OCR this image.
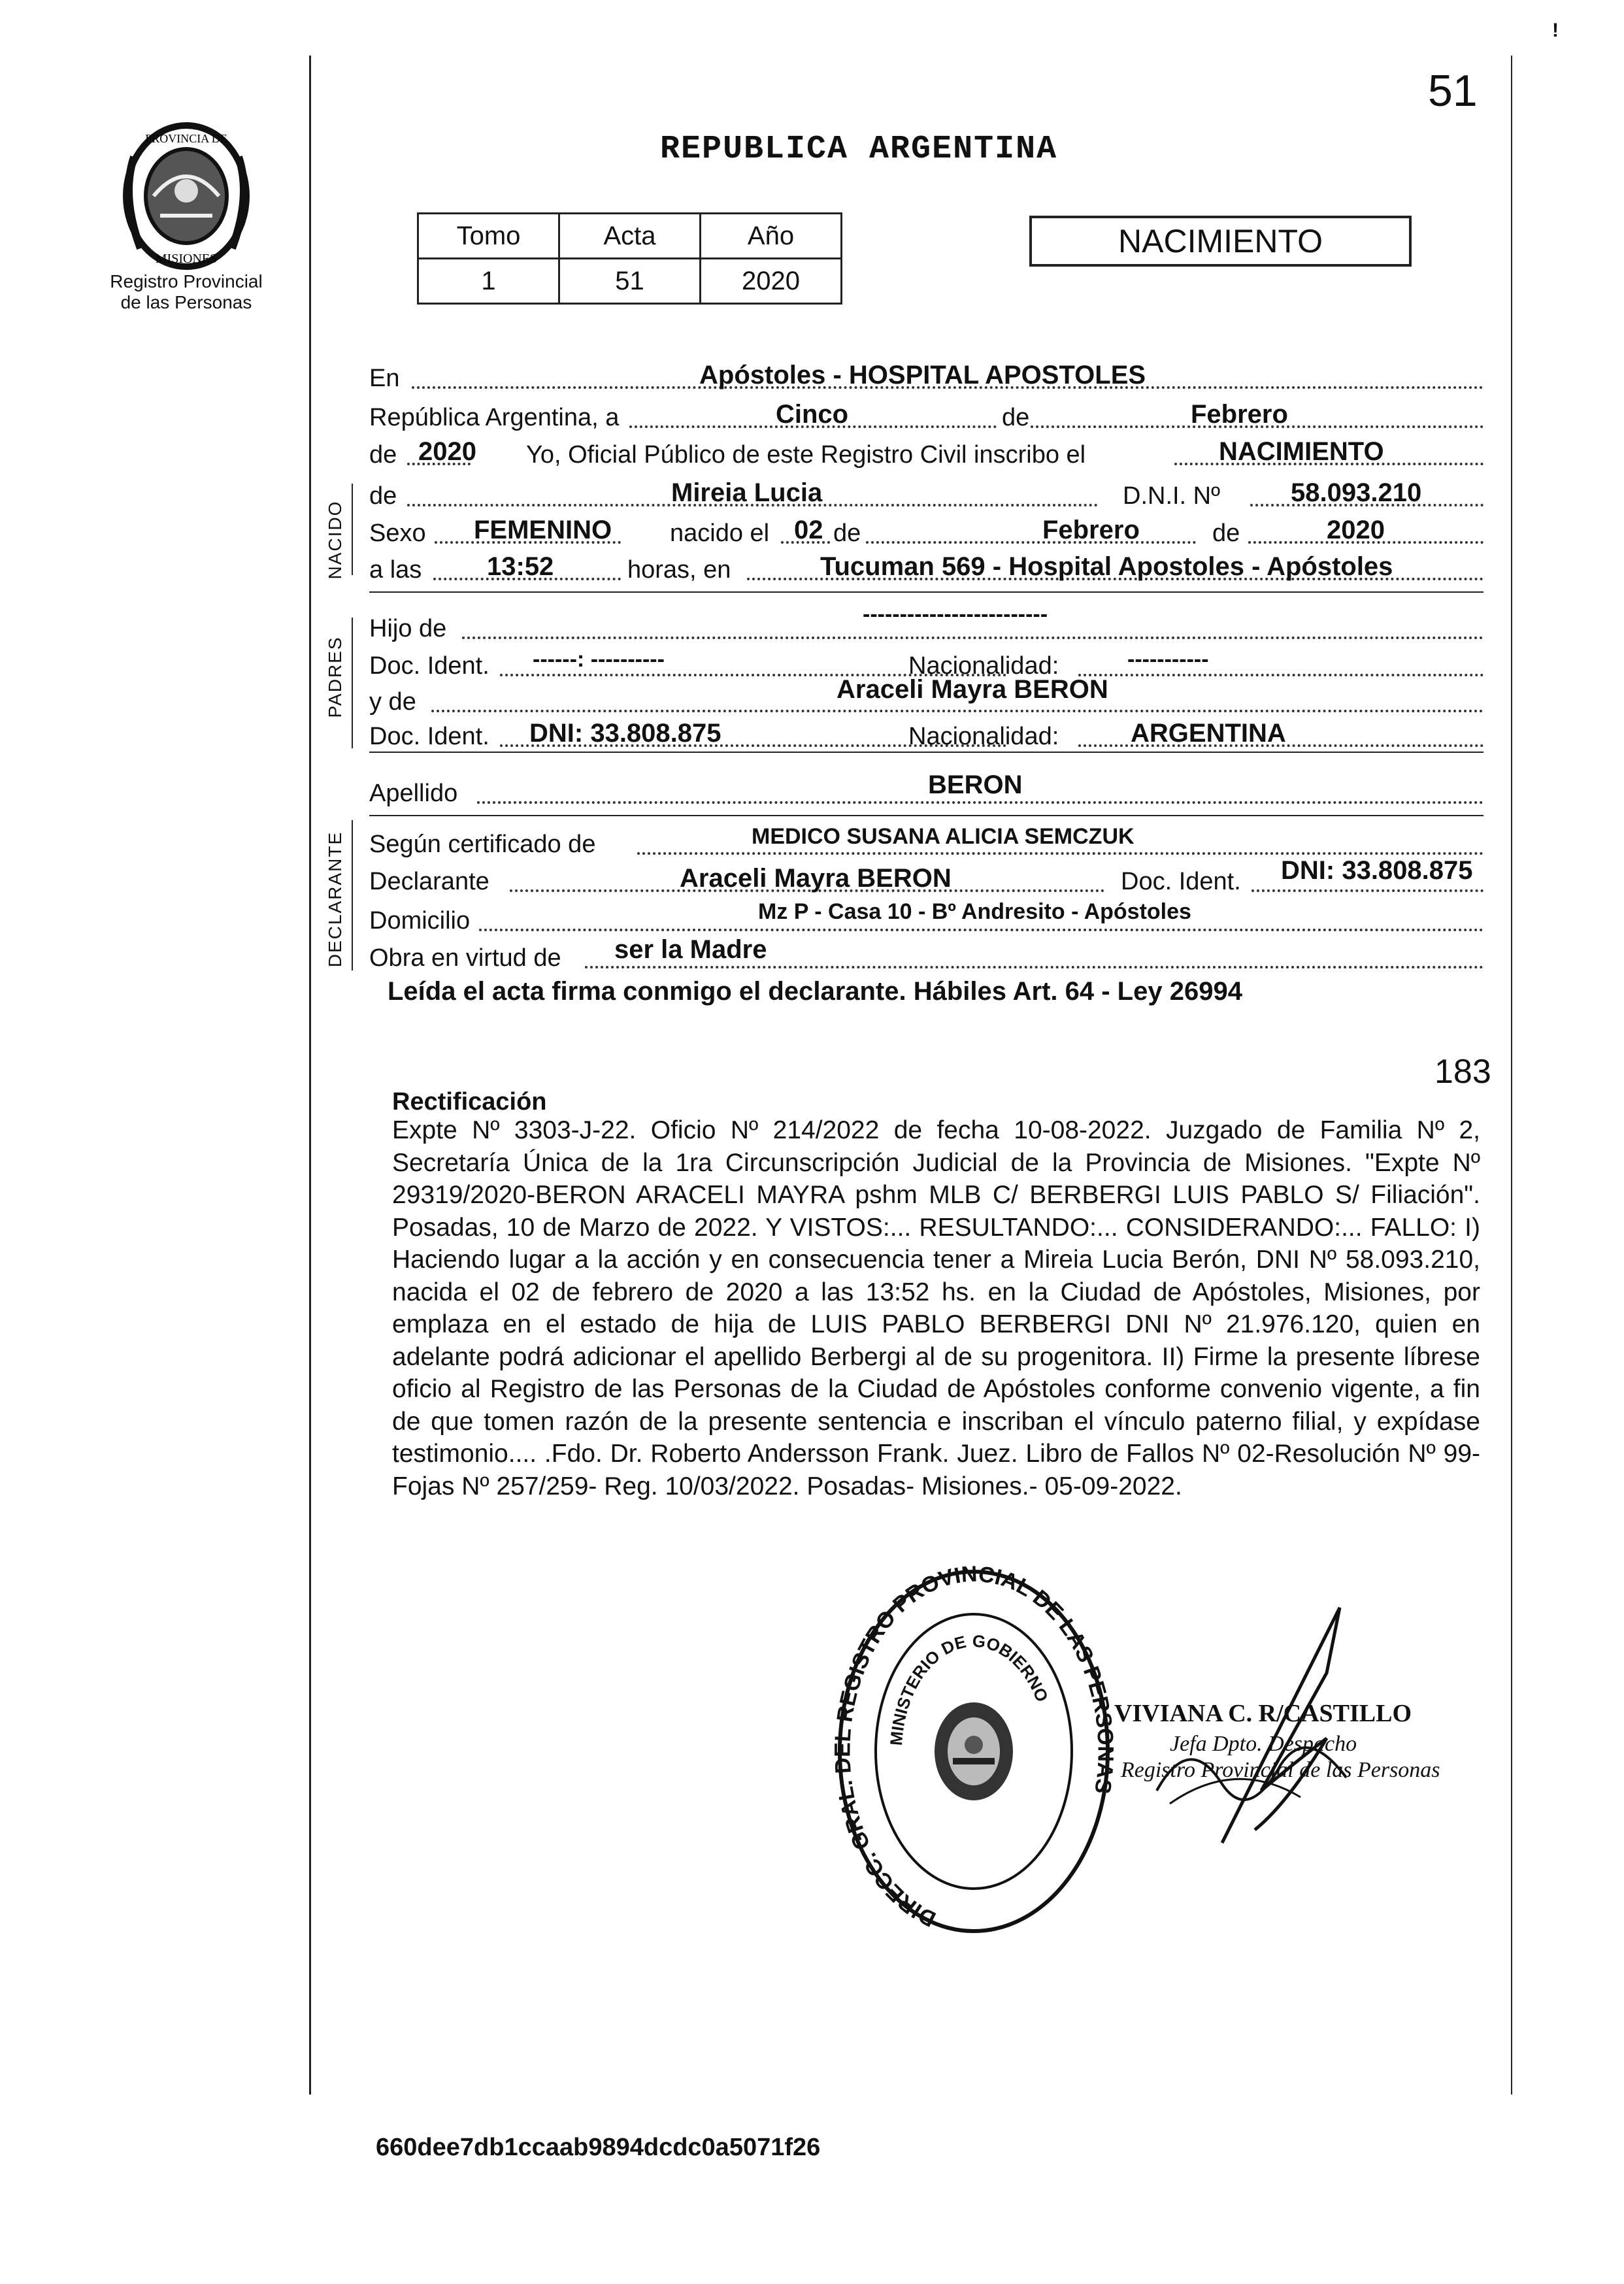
!
51
REPUBLICA ARGENTINA
PROVINCIA DE
MISIONES
Registro Provincial
de las Personas
Tomo	Acta	Año
1	51	2020
NACIMIENTO
NACIDO
PADRES
DECLARANTE
En	Apóstoles - HOSPITAL APOSTOLES
República Argentina, a	Cinco	de	Febrero
de 2020 Yo, Oficial Público de este Registro Civil inscribo el	NACIMIENTO
de	Mireia Lucia	D.N.I. Nº	58.093.210
Sexo FEMENINO nacido el 02 de	Febrero	de	2020
a las 13:52	horas, en	Tucuman 569 - Hospital Apostoles - Apóstoles
Hijo de
-------------------------
Doc. Ident. ------: ----------	Nacionalidad:	-----------
y de	Araceli Mayra BERON
Doc. Ident. DNI: 33.808.875	Nacionalidad:	ARGENTINA
Apellido	BERON
Según certificado de	MEDICO SUSANA ALICIA SEMCZUK
Declarante	Araceli Mayra BERON	Doc. Ident. DNI: 33.808.875
Domicilio	Mz P - Casa 10 - Bº Andresito - Apóstoles
Obra en virtud de ser la Madre
Leída el acta firma conmigo el declarante. Hábiles Art. 64 - Ley 26994
183
Rectificación
Expte Nº 3303-J-22. Oficio Nº 214/2022 de fecha 10-08-2022. Juzgado de Familia Nº 2, Secretaría Única de la 1ra Circunscripción Judicial de la Provincia de Misiones. "Expte Nº 29319/2020-BERON ARACELI MAYRA pshm MLB C/ BERBERGI LUIS PABLO S/ Filiación". Posadas, 10 de Marzo de 2022. Y VISTOS:... RESULTANDO:... CONSIDERANDO:... FALLO: I) Haciendo lugar a la acción y en consecuencia tener a Mireia Lucia Berón, DNI Nº 58.093.210, nacida el 02 de febrero de 2020 a las 13:52 hs. en la Ciudad de Apóstoles, Misiones, por emplaza en el estado de hija de LUIS PABLO BERBERGI DNI Nº 21.976.120, quien en adelante podrá adicionar el apellido Berbergi al de su progenitora. II) Firme la presente líbrese oficio al Registro de las Personas de la Ciudad de Apóstoles conforme convenio vigente, a fin de que tomen razón de la presente sentencia e inscriban el vínculo paterno filial, y expídase testimonio.... .Fdo. Dr. Roberto Andersson Frank. Juez. Libro de Fallos Nº 02-Resolución Nº 99- Fojas Nº 257/259- Reg. 10/03/2022. Posadas- Misiones.- 05-09-2022.
DIRECC. GRAL. DEL REGISTRO PROVINCIAL DE LAS PERSONAS
MINISTERIO DE GOBIERNO
VIVIANA C. R/CASTILLO
Jefa Dpto. Despacho
Registro Provincial de las Personas
660dee7db1ccaab9894dcdc0a5071f26
